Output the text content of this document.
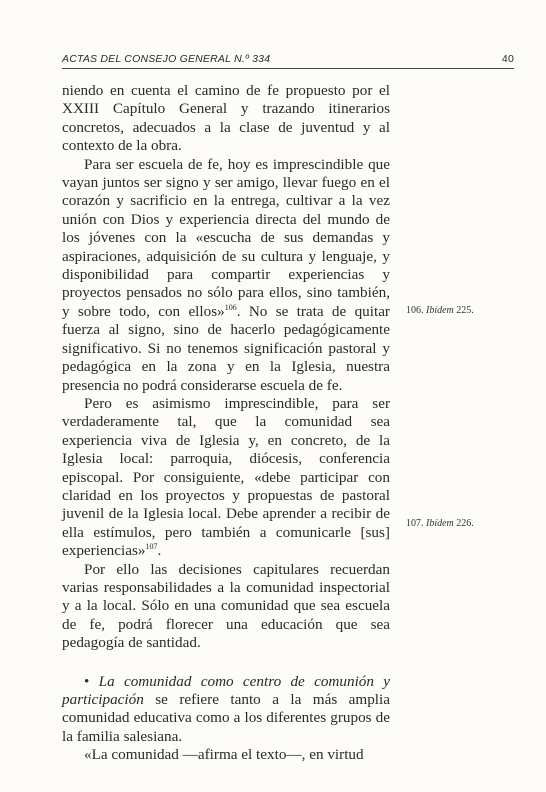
ACTAS DEL CONSEJO GENERAL N.º 334	40

niendo en cuenta el camino de fe propuesto por el XXIII Capítulo General y trazando itinerarios concretos, adecuados a la clase de juventud y al contexto de la obra.

Para ser escuela de fe, hoy es imprescindible que vayan juntos ser signo y ser amigo, llevar fuego en el corazón y sacrificio en la entrega, cultivar a la vez unión con Dios y experiencia directa del mundo de los jóvenes con la «escucha de sus demandas y aspiraciones, adquisición de su cultura y lenguaje, y disponibilidad para compartir experiencias y proyectos pensados no sólo para ellos, sino también, y sobre todo, con ellos»$^{106}$. No se trata de quitar fuerza al signo, sino de hacerlo pedagógicamente significativo. Si no tenemos significación pastoral y pedagógica en la zona y en la Iglesia, nuestra presencia no podrá considerarse escuela de fe.

Pero es asimismo imprescindible, para ser verdaderamente tal, que la comunidad sea experiencia viva de Iglesia y, en concreto, de la Iglesia local: parroquia, diócesis, conferencia episcopal. Por consiguiente, «debe participar con claridad en los proyectos y propuestas de pastoral juvenil de la Iglesia local. Debe aprender a recibir de ella estímulos, pero también a comunicarle [sus] experiencias»$^{107}$.

Por ello las decisiones capitulares recuerdan varias responsabilidades a la comunidad inspectorial y a la local. Sólo en una comunidad que sea escuela de fe, podrá florecer una educación que sea pedagogía de santidad.

• La comunidad como centro de comunión y participación se refiere tanto a la más amplia comunidad educativa como a los diferentes grupos de la familia salesiana.

«La comunidad —afirma el texto—, en virtud

106. Ibídem 225.
107. Ibídem 226.
